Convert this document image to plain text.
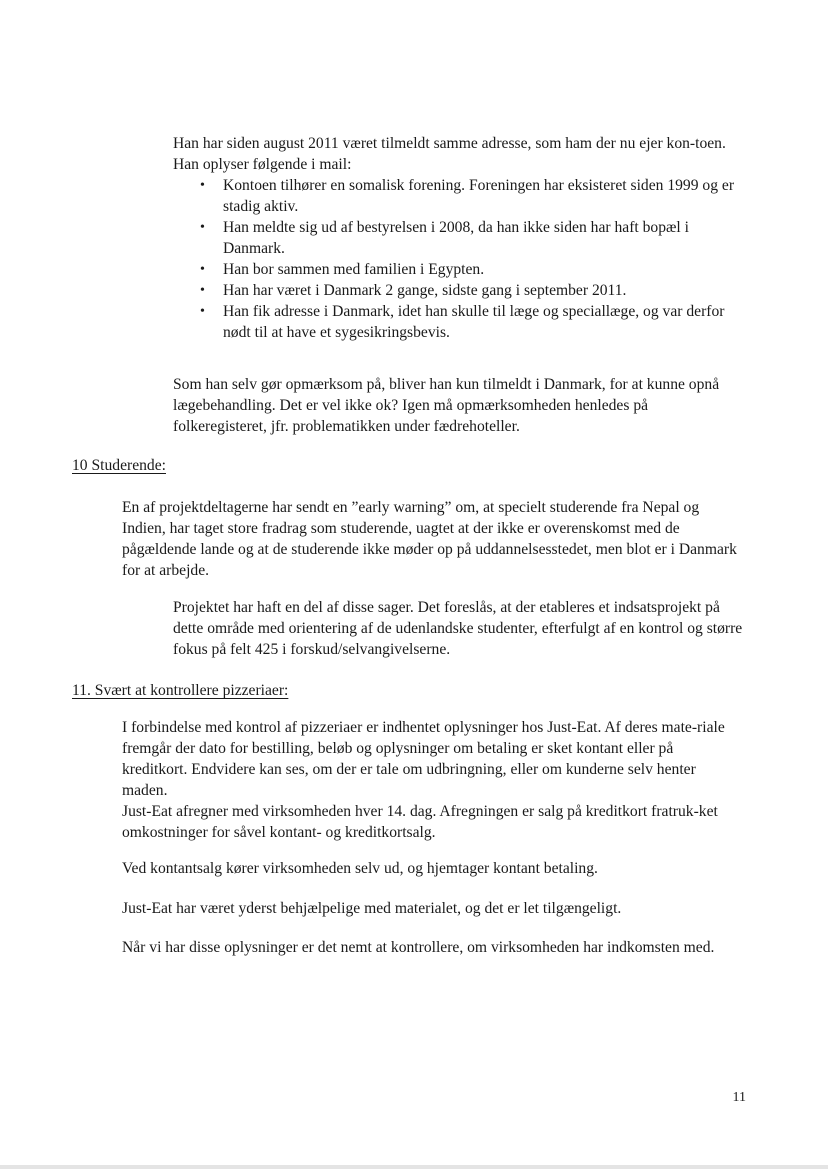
Han har siden august 2011 været tilmeldt samme adresse, som ham der nu ejer kon-toen.

Han oplyser følgende i mail:

• Kontoen tilhører en somalisk forening. Foreningen har eksisteret siden 1999 og er stadig aktiv.
• Han meldte sig ud af bestyrelsen i 2008, da han ikke siden har haft bopæl i Danmark.
• Han bor sammen med familien i Egypten.
• Han har været i Danmark 2 gange, sidste gang i september 2011.
• Han fik adresse i Danmark, idet han skulle til læge og speciallæge, og var derfor nødt til at have et sygesikringsbevis.

Som han selv gør opmærksom på, bliver han kun tilmeldt i Danmark, for at kunne opnå lægebehandling. Det er vel ikke ok? Igen må opmærksomheden henledes på folkeregisteret, jfr. problematikken under fædrehoteller.

10 Studerende:

En af projektdeltagerne har sendt en ”early warning” om, at specielt studerende fra Nepal og Indien, har taget store fradrag som studerende, uagtet at der ikke er overenskomst med de pågældende lande og at de studerende ikke møder op på uddannelsesstedet, men blot er i Danmark for at arbejde.

Projektet har haft en del af disse sager. Det foreslås, at der etableres et indsatsprojekt på dette område med orientering af de udenlandske studenter, efterfulgt af en kontrol og større fokus på felt 425 i forskud/selvangivelserne.

11. Svært at kontrollere pizzeriaer:

I forbindelse med kontrol af pizzeriaer er indhentet oplysninger hos Just-Eat. Af deres mate-riale fremgår der dato for bestilling, beløb og oplysninger om betaling er sket kontant eller på kreditkort. Endvidere kan ses, om der er tale om udbringning, eller om kunderne selv henter maden.

Just-Eat afregner med virksomheden hver 14. dag. Afregningen er salg på kreditkort fratruk-ket omkostninger for såvel kontant- og kreditkortsalg.

Ved kontantsalg kører virksomheden selv ud, og hjemtager kontant betaling.

Just-Eat har været yderst behjælpelige med materialet, og det er let tilgængeligt.

Når vi har disse oplysninger er det nemt at kontrollere, om virksomheden har indkomsten med.

11
